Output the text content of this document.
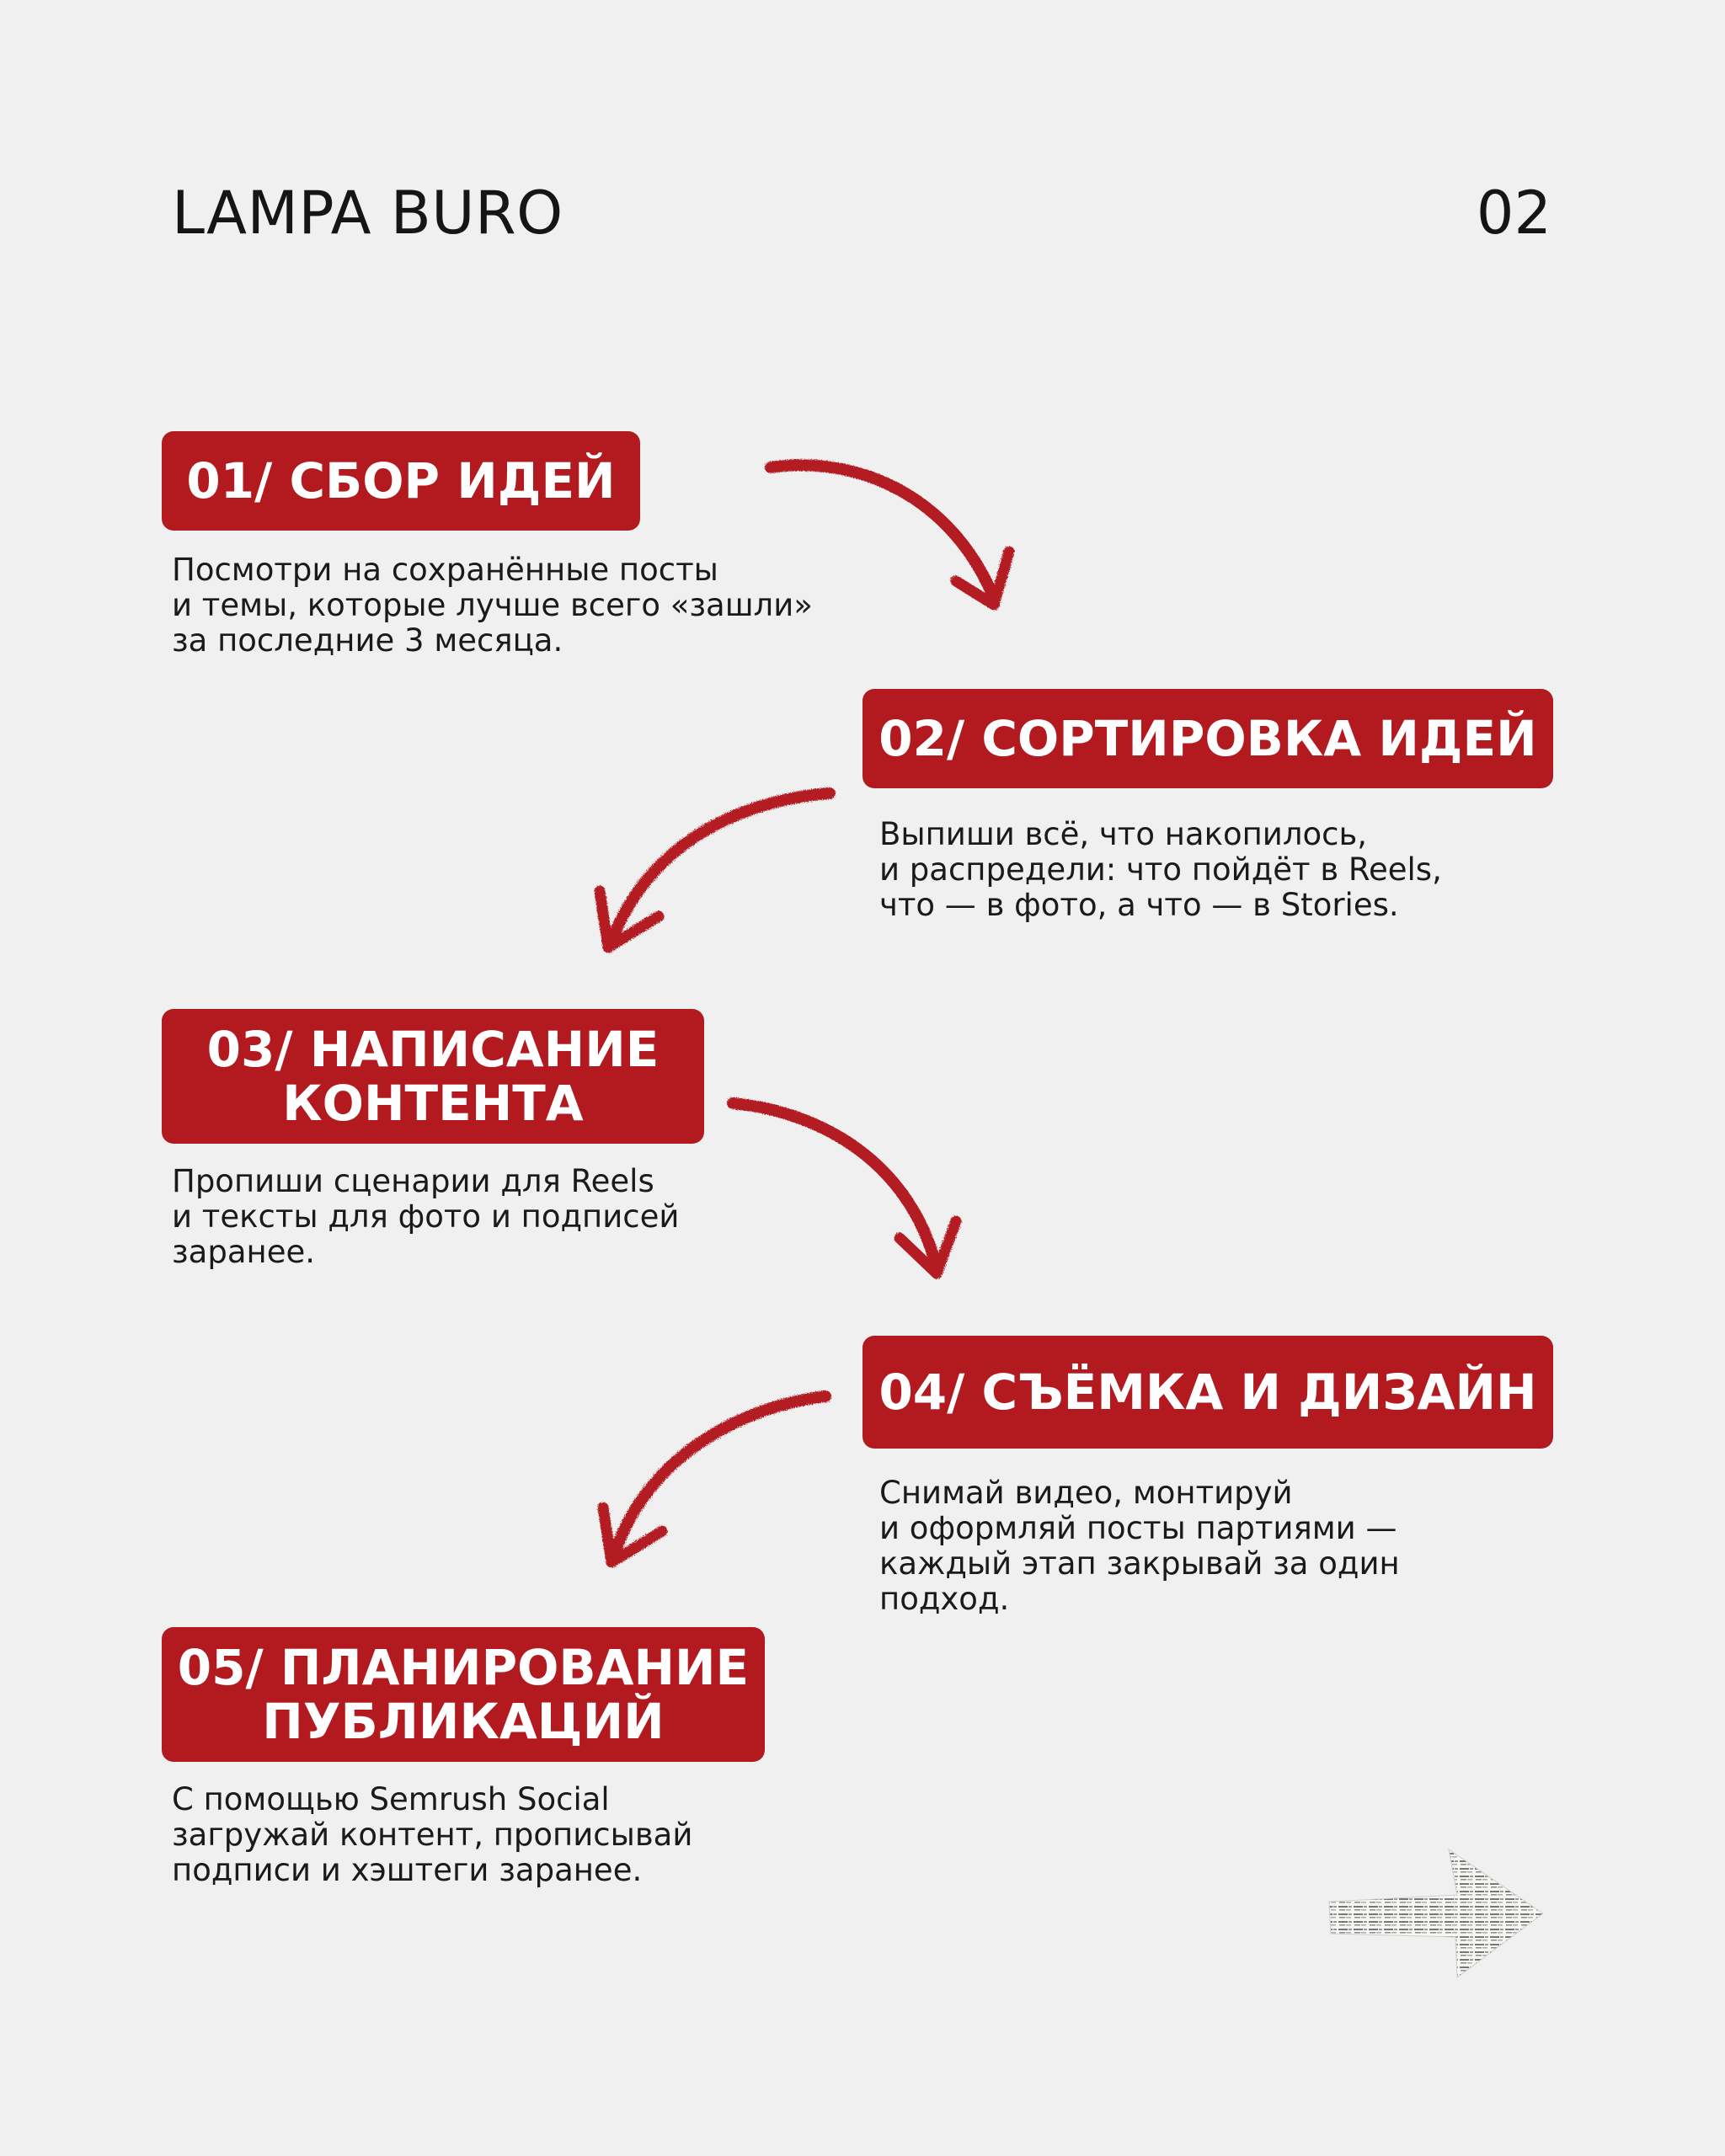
LAMPA BURO	02
01/ СБОР ИДЕЙ

Посмотри на сохранённые посты
и темы, которые лучше всего «зашли»
за последние 3 месяца.

02/ СОРТИРОВКА ИДЕЙ

Выпиши всё, что накопилось,
и распредели: что пойдёт в Reels,
что — в фото, а что — в Stories.

03/ НАПИСАНИЕ
КОНТЕНТА

Пропиши сценарии для Reels
и тексты для фото и подписей
заранее.

04/ СЪЁМКА И ДИЗАЙН

Снимай видео, монтируй
и оформляй посты партиями —
каждый этап закрывай за один
подход.

05/ ПЛАНИРОВАНИЕ
ПУБЛИКАЦИЙ

С помощью Semrush Social
загружай контент, прописывай
подписи и хэштеги заранее.
